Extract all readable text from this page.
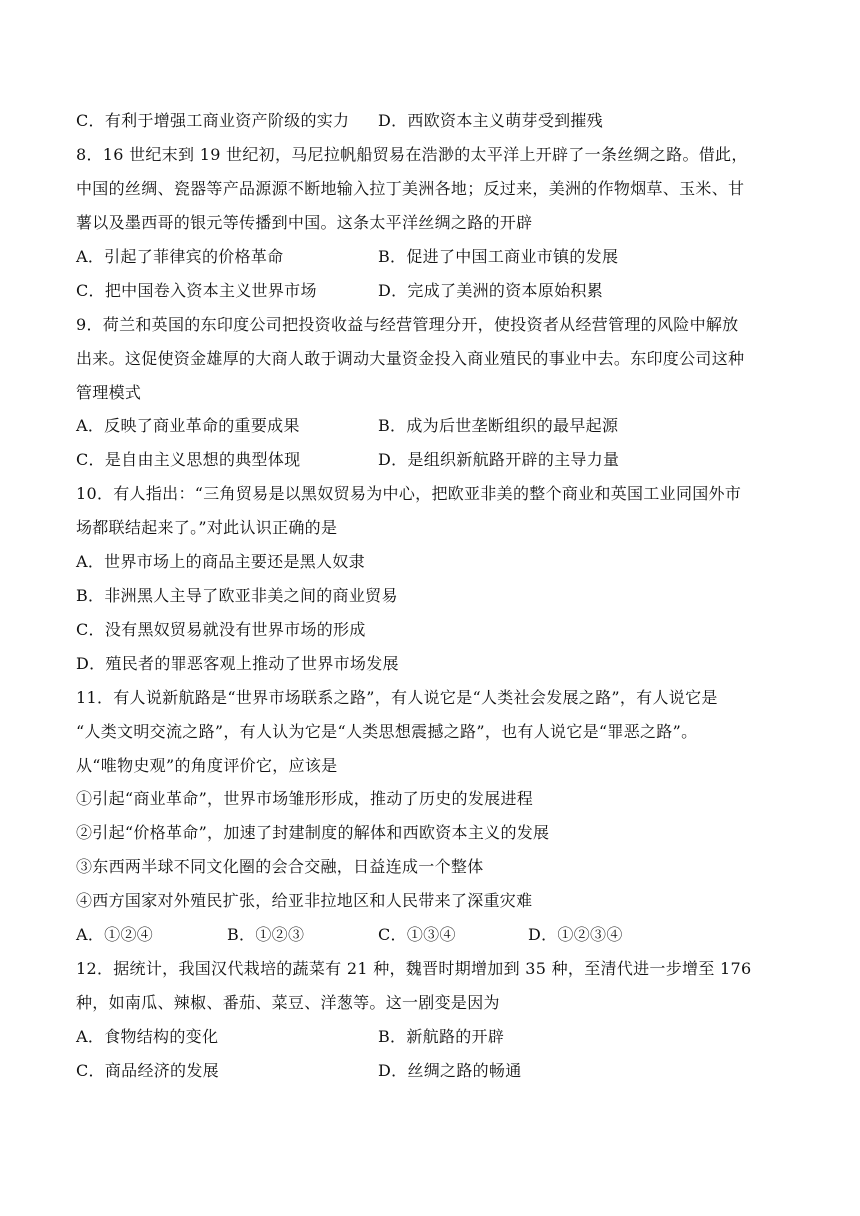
C．有利于增强工商业资产阶级的实力 D．西欧资本主义萌芽受到摧残
8．16 世纪末到 19 世纪初，马尼拉帆船贸易在浩渺的太平洋上开辟了一条丝绸之路。借此，
中国的丝绸、瓷器等产品源源不断地输入拉丁美洲各地；反过来，美洲的作物烟草、玉米、甘
薯以及墨西哥的银元等传播到中国。这条太平洋丝绸之路的开辟
A．引起了菲律宾的价格革命	B．促进了中国工商业市镇的发展
C．把中国卷入资本主义世界市场	D．完成了美洲的资本原始积累
9．荷兰和英国的东印度公司把投资收益与经营管理分开，使投资者从经营管理的风险中解放
出来。这促使资金雄厚的大商人敢于调动大量资金投入商业殖民的事业中去。东印度公司这种
管理模式
A．反映了商业革命的重要成果	B．成为后世垄断组织的最早起源
C．是自由主义思想的典型体现	D．是组织新航路开辟的主导力量
10．有人指出：“三角贸易是以黑奴贸易为中心，把欧亚非美的整个商业和英国工业同国外市
场都联结起来了。”对此认识正确的是
A．世界市场上的商品主要还是黑人奴隶
B．非洲黑人主导了欧亚非美之间的商业贸易
C．没有黑奴贸易就没有世界市场的形成
D．殖民者的罪恶客观上推动了世界市场发展
11．有人说新航路是“世界市场联系之路”，有人说它是“人类社会发展之路”，有人说它是
“人类文明交流之路”，有人认为它是“人类思想震撼之路”，也有人说它是“罪恶之路”。
从“唯物史观”的角度评价它，应该是
①引起“商业革命”，世界市场雏形形成，推动了历史的发展进程
②引起“价格革命”，加速了封建制度的解体和西欧资本主义的发展
③东西两半球不同文化圈的会合交融，日益连成一个整体
④西方国家对外殖民扩张，给亚非拉地区和人民带来了深重灾难
A．①②④	B．①②③	C．①③④	D．①②③④
12．据统计，我国汉代栽培的蔬菜有 21 种，魏晋时期增加到 35 种，至清代进一步增至 176
种，如南瓜、辣椒、番茄、菜豆、洋葱等。这一剧变是因为
A．食物结构的变化	B．新航路的开辟
C．商品经济的发展	D．丝绸之路的畅通
